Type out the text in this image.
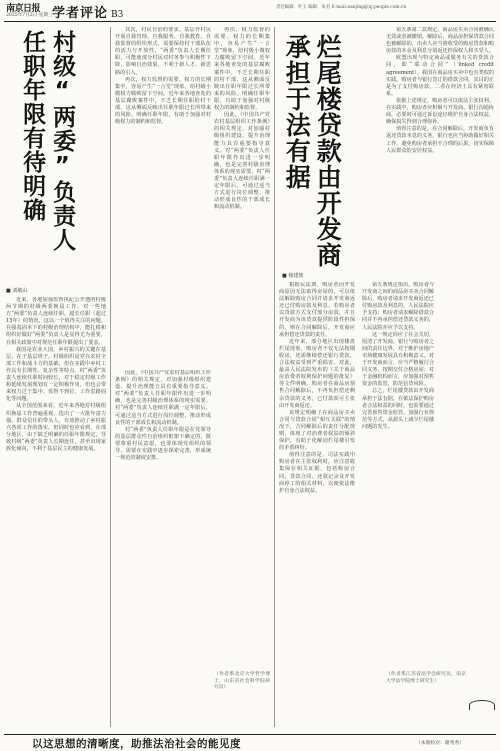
南京日报
2025年7月2日 星期三 学者评论 B3
责任编辑：叶玉 编辑：朱君 E-mail:nanjing@nj.people.com.cn
任职年限有待明确 村级“两委”负责人
■ 刘敏山

近来，各地加强监督执纪公开透明村级两节期的村级两委换届工作。对一些地方“两委”负责人连续任职、超长任职（超过15年）的情况，这以一个值得关注的问题。在强基固本下的村级治理结构中，能扎根和组织好做好“两委”负责人是显得尤为重要，在相关政策中对规范任职年限提出了要求。

我国是农业大国，乡村振兴的关键在基层，在于基层班子。村级组织是党在农村全部工作和战斗力的基础，但在实践中乡村工作具有长期性、复杂性等特点。村“两委”负责人连续任职时间较长，对于稳定村级工作和延续发展规划有一定积极作用，但也会带来权力过于集中、监督不到位、工作思路固化等问题。

从全国范围来看，近年来各地对村级组织换届工作普遍重视，选出了一大批年富力强、群众信任的带头人，有效推动了乡村振兴各项工作的落实。但同时也应看到，在部分地区，由于缺乏明确的任职年限规定，导致村级“两委”负责人长期连任，甚至出现家族化倾向，不利于基层民主的健康发展。

其次，村民自治的要求。基层作村民开展自我管理、自我服务、自我教育、自我监督的组织形式，需要保持村干部队伍的活力与开放性。“两委”负责人长期任职，可能使部分村民对村务参与积极性下降，影响自治效果，不利于新人才、新思路的引入。

再次，权力监督的需要。权力的长期集中，容易产生“一言堂”现象，给村级小微权力腐败留下空间。近年来各地查处的基层腐败案件中，不乏长期任职的村干部，这从侧面反映出任职年限过长所带来的风险。明确任职年限，有助于加强对村级权力的制约和监督。

因此，《中国共产党农村基层组织工作条例》的相关规定，对加强村级组织建设、提升治理能力具有重要指导意义。对“两委”负责人任职年限作出进一步明确，也是完善村级治理体系的现实需要。村“两委”负责人连续任职满一定年限后，可通过适当方式进行岗位调整，推动形成良性的干部成长和流动机制。

村“两委”负责人任职年限是在党领导的基层群众性自治组织框架下确定的，既要尊重村民意愿，也要体现党组织的领导，需要在实践中逐步探索完善，形成统一规范的制度安排。

再次，权力监督的需要。权力的长期集中，容易产生“一言堂”现象，给村级小微权力腐败留下空间。近年来各地查处的基层腐败案件中，不乏长期任职的村干部，这从侧面反映出任职年限过长所带来的风险。明确任职年限，有助于加强对村级权力的制约和监督。

因此，《中国共产党农村基层组织工作条例》的相关规定，对加强村级组织建设、提升治理能力具有重要指导意义。对“两委”负责人任职年限作出进一步明确，也是完善村级治理体系的现实需要。村“两委”负责人连续任职满一定年限后，可通过适当方式进行岗位调整，推动形成良性的干部成长和流动机制。

（作者系北京大学哲学博士，山东省社会科学院研究员）
承担于法有据 烂尾楼贷款由开发商
■ 杨建坡

根据民法典，购房者因开发商原因无法取得房屋的，可以依法解除购房合同并请求开发商返还已付购房款及利息。若购房者以贷款方式支付部分房款，并且开发商为该贷款提供阶段性担保的，则在合同解除后，开发商应承担偿还贷款的责任。

近年来，部分地区出现楼盘烂尾现象，购房者不仅无法按期收房，还需继续偿还银行贷款，合法权益受到严重损害。对此，最高人民法院发布的《关于商品房消费者权利保护问题的批复》等文件明确，购房者在商品房预售合同解除后，不再负担偿还剩余贷款的义务，已付款项可主张由开发商返还。

该规定明确了在商品房买卖合同与贷款合同“相互关联”的情况下，合同解除后的责任分配规则，体现了对消费者权益的倾斜保护，有助于化解因烂尾楼引发的矛盾纠纷。

值得注意的是，司法实践中购房者在主张权利时，应注意收集保存相关证据，包括购房合同、贷款合同、还款记录及开发商停工的相关材料，以便依法维护自身合法权益。

第五条规定指出，购房者与开发商之间的商品房买卖合同解除后，购房者请求开发商返还已付购房款及利息的，人民法院应予支持；购房者请求解除借款合同并不再承担偿还贷款义务的，人民法院亦应予以支持。

这一规定回应了社会关切，厘清了开发商、银行与购房者之间的责任边界，对于维护房地产市场健康发展具有积极意义。对于开发商而言，应当严格履行合同义务，按期交付合格房屋；对于金融机构而言，应加强对预售资金的监管，防范信贷风险。

总之，烂尾楼贷款由开发商承担于法有据。在依法保护购房者合法权益的同时，也需要通过完善预售资金监管、加强行业规范等方式，从源头上减少烂尾楼问题的发生。

第五条第二款规定，商品房买卖合同被确认无效或者被撤销、解除后，商品房担保贷款合同也被解除的，出卖人应当将收受的购房贷款和购房款的本金及利息分别返还担保权人和买受人。

欧盟出现与特定商品或服务有关的贷款合同，即“联动合同”（linked credit agreement）。我国在商品房买卖中也有类似的实践，购房者与银行签订的借款合同，其目的正是为了支付购房款，二者在经济上具有紧密联系。

依据上述规定，购房者可以依法主张权利。在实践中，购房者应积极与开发商、银行沟通协商，必要时可通过诉讼途径维护自身合法权益，确保损失得到合理弥补。

值得注意的是，在合同解除后，开发商负有返还贷款本息的义务，银行也应当协助做好相关工作，避免购房者承担不合理的后果，切实保障人民群众的安居权益。

（作者系江苏省法学会研究员，南京大学法学院博士研究生）
以这思想的清晰度，助推法治社会的能见度	（本版校对：谢秀秀）
